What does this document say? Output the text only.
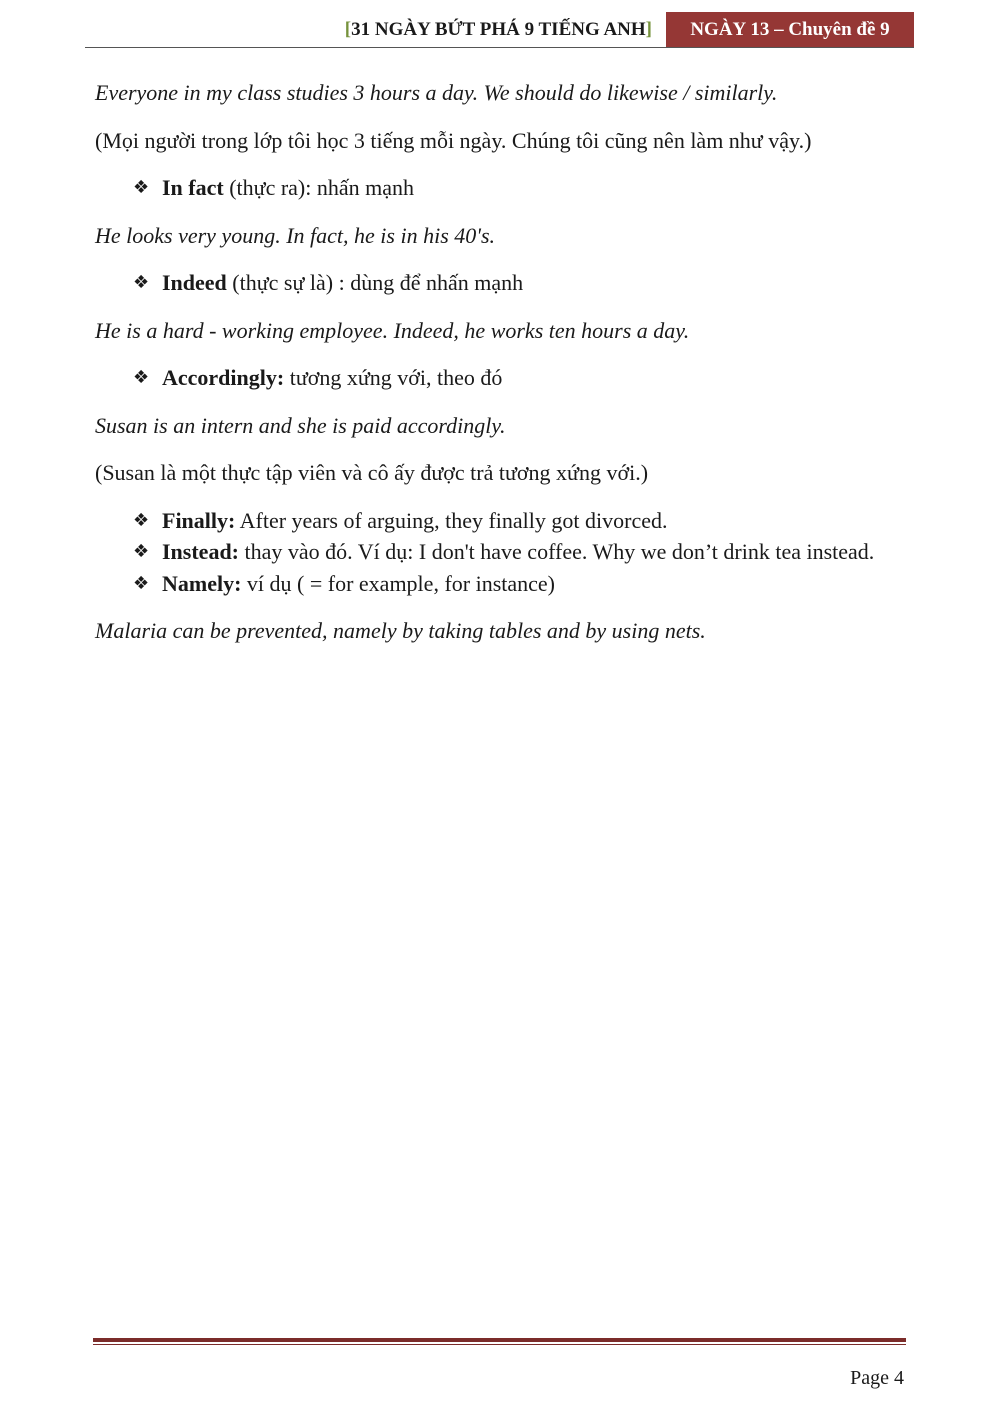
[31 NGÀY BỨT PHÁ 9 TIẾNG ANH] NGÀY 13 – Chuyên đề 9
Everyone in my class studies 3 hours a day. We should do likewise / similarly.
(Mọi người trong lớp tôi học 3 tiếng mỗi ngày. Chúng tôi cũng nên làm như vậy.)
❖ In fact (thực ra): nhấn mạnh
He looks very young. In fact, he is in his 40's.
❖ Indeed (thực sự là) : dùng để nhấn mạnh
He is a hard - working employee. Indeed, he works ten hours a day.
❖ Accordingly: tương xứng với, theo đó
Susan is an intern and she is paid accordingly.
(Susan là một thực tập viên và cô ấy được trả tương xứng với.)
❖ Finally: After years of arguing, they finally got divorced.
❖ Instead: thay vào đó. Ví dụ: I don't have coffee. Why we don’t drink tea instead.
❖ Namely: ví dụ ( = for example, for instance)
Malaria can be prevented, namely by taking tables and by using nets.
Page 4
